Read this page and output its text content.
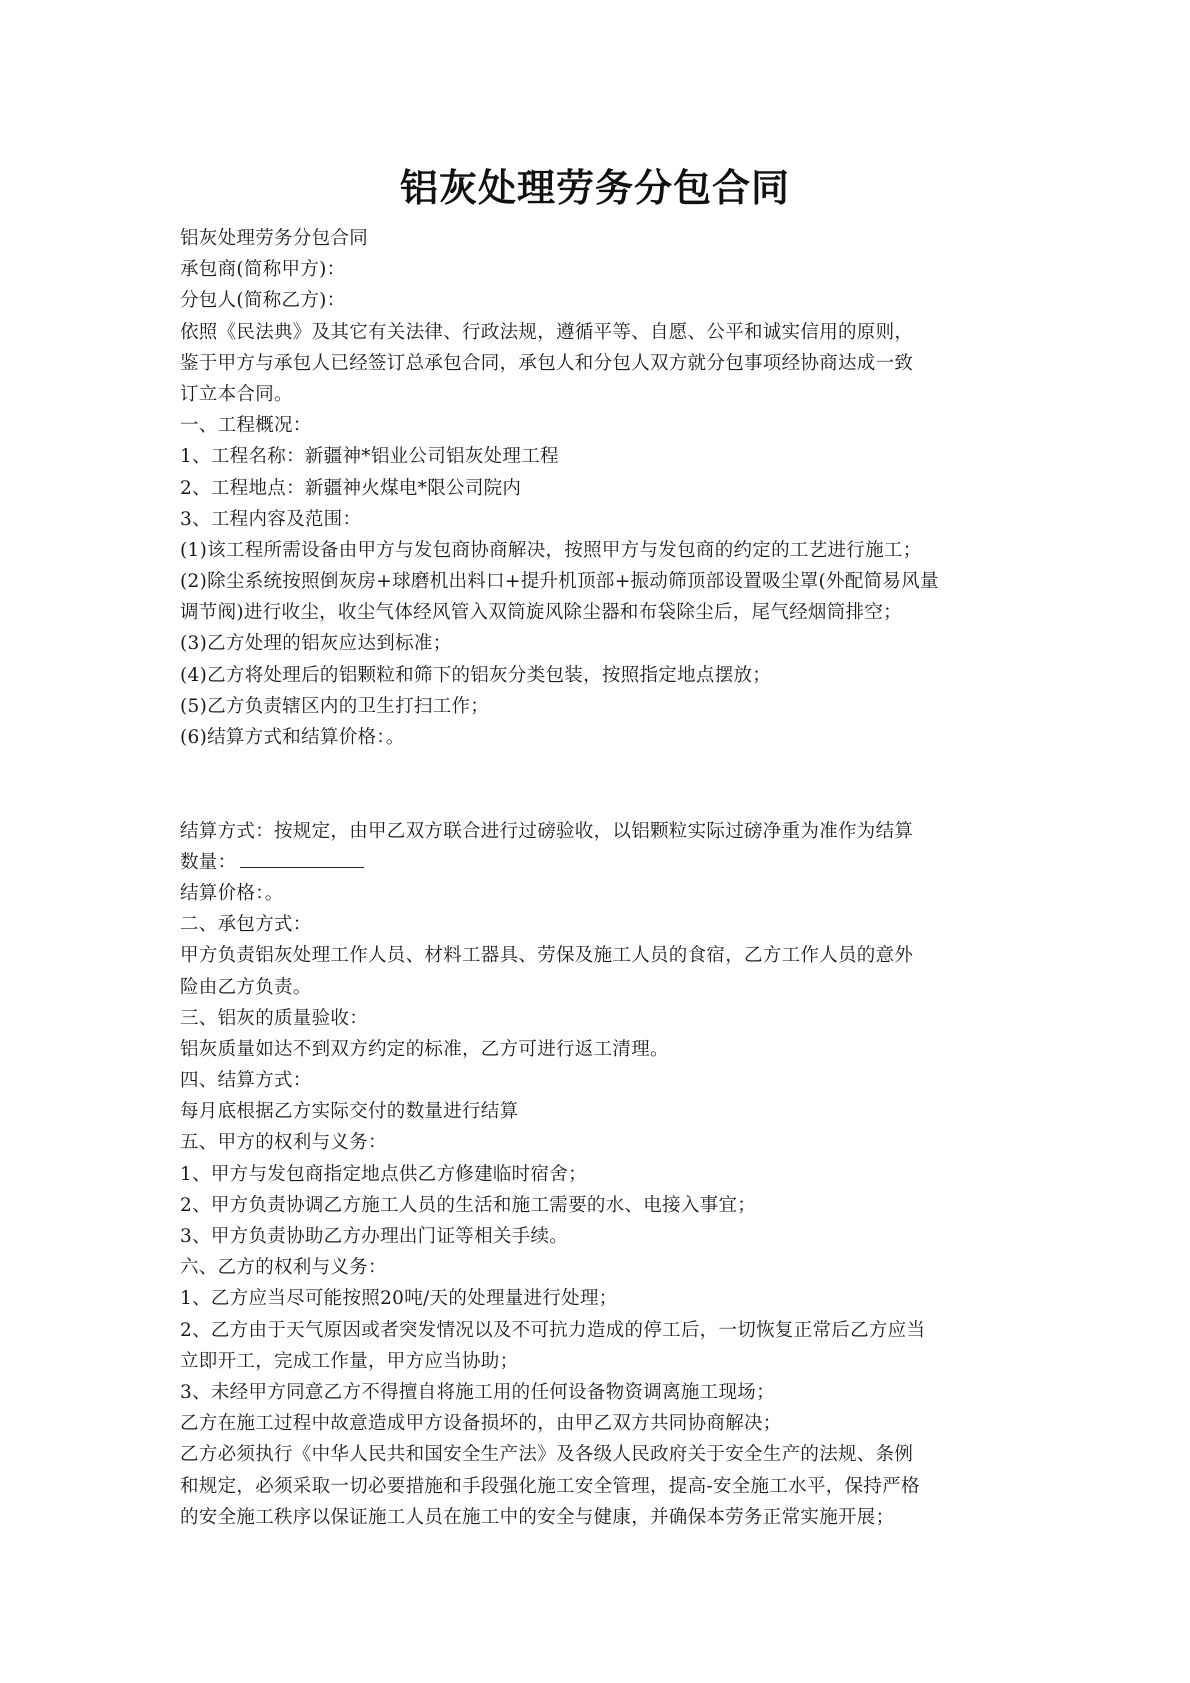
铝灰处理劳务分包合同
铝灰处理劳务分包合同
承包商(简称甲方)：
分包人(简称乙方)：
依照《民法典》及其它有关法律、行政法规，遵循平等、自愿、公平和诚实信用的原则，
鉴于甲方与承包人已经签订总承包合同，承包人和分包人双方就分包事项经协商达成一致
订立本合同。
一、工程概况：
1、工程名称：新疆神*铝业公司铝灰处理工程
2、工程地点：新疆神火煤电*限公司院内
3、工程内容及范围：
(1)该工程所需设备由甲方与发包商协商解决，按照甲方与发包商的约定的工艺进行施工；
(2)除尘系统按照倒灰房+球磨机出料口+提升机顶部+振动筛顶部设置吸尘罩(外配简易风量
调节阀)进行收尘，收尘气体经风管入双筒旋风除尘器和布袋除尘后，尾气经烟筒排空；
(3)乙方处理的铝灰应达到标准；
(4)乙方将处理后的铝颗粒和筛下的铝灰分类包装，按照指定地点摆放；
(5)乙方负责辖区内的卫生打扫工作；
(6)结算方式和结算价格：。
结算方式：按规定，由甲乙双方联合进行过磅验收，以铝颗粒实际过磅净重为准作为结算
数量：
结算价格：。
二、承包方式：
甲方负责铝灰处理工作人员、材料工器具、劳保及施工人员的食宿，乙方工作人员的意外
险由乙方负责。
三、铝灰的质量验收：
铝灰质量如达不到双方约定的标准，乙方可进行返工清理。
四、结算方式：
每月底根据乙方实际交付的数量进行结算
五、甲方的权利与义务：
1、甲方与发包商指定地点供乙方修建临时宿舍；
2、甲方负责协调乙方施工人员的生活和施工需要的水、电接入事宜；
3、甲方负责协助乙方办理出门证等相关手续。
六、乙方的权利与义务：
1、乙方应当尽可能按照20吨/天的处理量进行处理；
2、乙方由于天气原因或者突发情况以及不可抗力造成的停工后，一切恢复正常后乙方应当
立即开工，完成工作量，甲方应当协助；
3、未经甲方同意乙方不得擅自将施工用的任何设备物资调离施工现场；
乙方在施工过程中故意造成甲方设备损坏的，由甲乙双方共同协商解决；
乙方必须执行《中华人民共和国安全生产法》及各级人民政府关于安全生产的法规、条例
和规定，必须采取一切必要措施和手段强化施工安全管理，提高-安全施工水平，保持严格
的安全施工秩序以保证施工人员在施工中的安全与健康，并确保本劳务正常实施开展；
